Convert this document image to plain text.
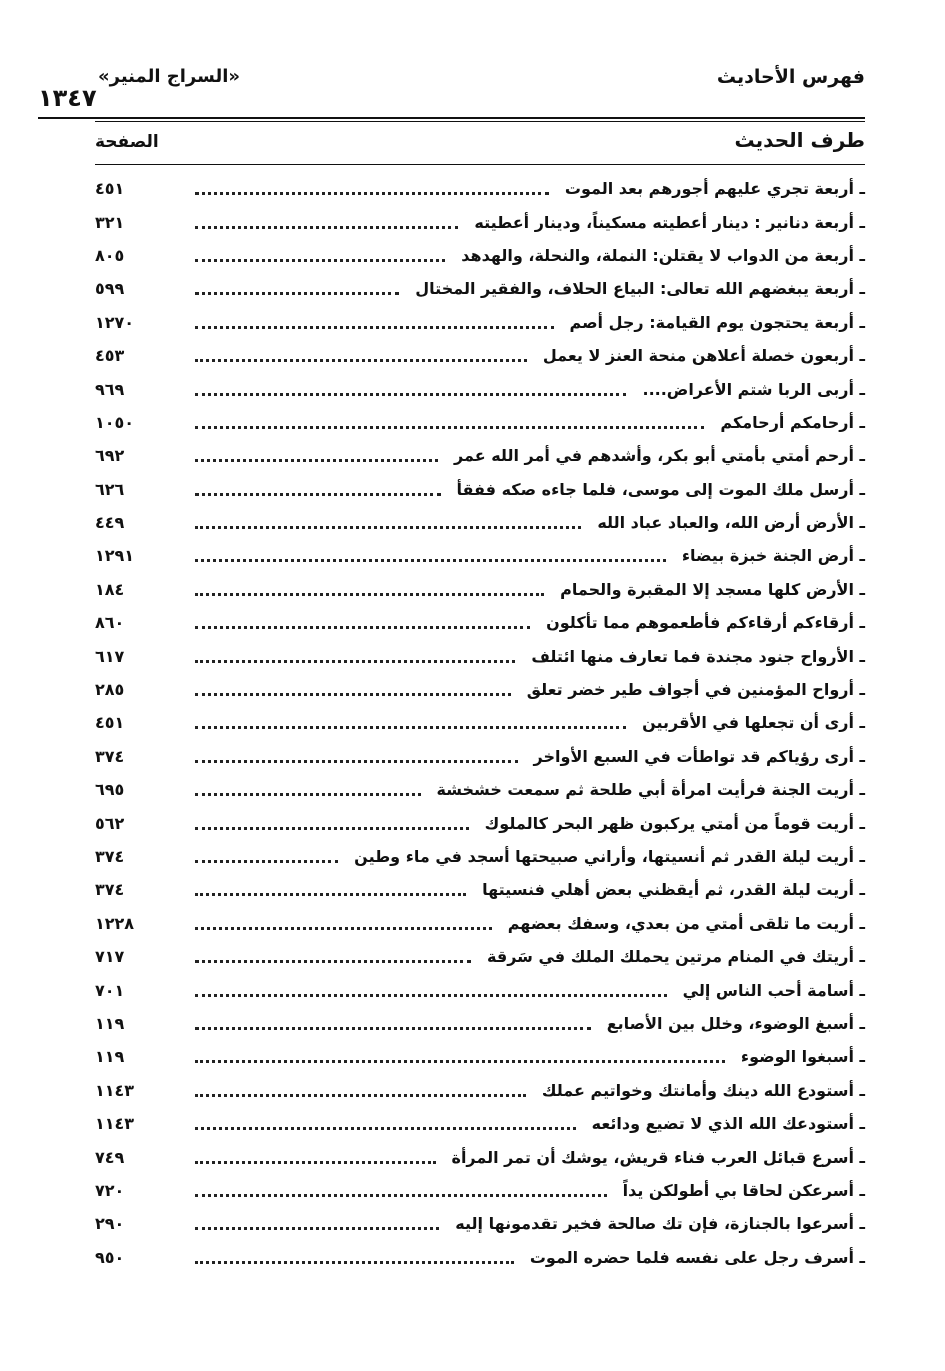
فهرس الأحاديث
«السراج المنير»
١٣٤٧
طرف الحديث
الصفحة
ـ أربعة تجري عليهم أجورهم بعد الموت
٤٥١
ـ أربعة دنانير : دينار أعطيته مسكيناً، ودينار أعطيته
٣٢١
ـ أربعة من الدواب لا يقتلن: النملة، والنحلة، والهدهد
٨٠٥
ـ أربعة يبغضهم الله تعالى: البياع الحلاف، والفقير المختال
٥٩٩
ـ أربعة يحتجون يوم القيامة: رجل أصم
١٢٧٠
ـ أربعون خصلة أعلاهن منحة العنز لا يعمل
٤٥٣
ـ أربى الربا شتم الأعراض....
٩٦٩
ـ أرحامكم أرحامكم
١٠٥٠
ـ أرحم أمتي بأمتي أبو بكر، وأشدهم في أمر الله عمر
٦٩٢
ـ أرسل ملك الموت إلى موسى، فلما جاءه صكه ففقأ
٦٢٦
ـ الأرض أرض الله، والعباد عباد الله
٤٤٩
ـ أرض الجنة خبزة بيضاء
١٢٩١
ـ الأرض كلها مسجد إلا المقبرة والحمام
١٨٤
ـ أرقاءكم أرقاءكم فأطعموهم مما تأكلون
٨٦٠
ـ الأرواح جنود مجندة فما تعارف منها ائتلف
٦١٧
ـ أرواح المؤمنين في أجواف طير خضر تعلق
٢٨٥
ـ أرى أن تجعلها في الأقربين
٤٥١
ـ أرى رؤياكم قد تواطأت في السبع الأواخر
٣٧٤
ـ أريت الجنة فرأيت امرأة أبي طلحة ثم سمعت خشخشة
٦٩٥
ـ أريت قوماً من أمتي يركبون ظهر البحر كالملوك
٥٦٢
ـ أريت ليلة القدر ثم أنسيتها، وأراني صبيحتها أسجد في ماء وطين
٣٧٤
ـ أريت ليلة القدر، ثم أيقظني بعض أهلي فنسيتها
٣٧٤
ـ أريت ما تلقى أمتي من بعدي، وسفك بعضهم
١٢٢٨
ـ أريتك في المنام مرتين يحملك الملك في سَرقة
٧١٧
ـ أسامة أحب الناس إلي
٧٠١
ـ أسبغ الوضوء، وخلل بين الأصابع
١١٩
ـ أسبغوا الوضوء
١١٩
ـ أستودع الله دينك وأمانتك وخواتيم عملك
١١٤٣
ـ أستودعك الله الذي لا تضيع ودائعه
١١٤٣
ـ أسرع قبائل العرب فناء قريش، يوشك أن تمر المرأة
٧٤٩
ـ أسرعكن لحاقا بي أطولكن يداً
٧٢٠
ـ أسرعوا بالجنازة، فإن تك صالحة فخير تقدمونها إليه
٢٩٠
ـ أسرف رجل على نفسه فلما حضره الموت
٩٥٠
